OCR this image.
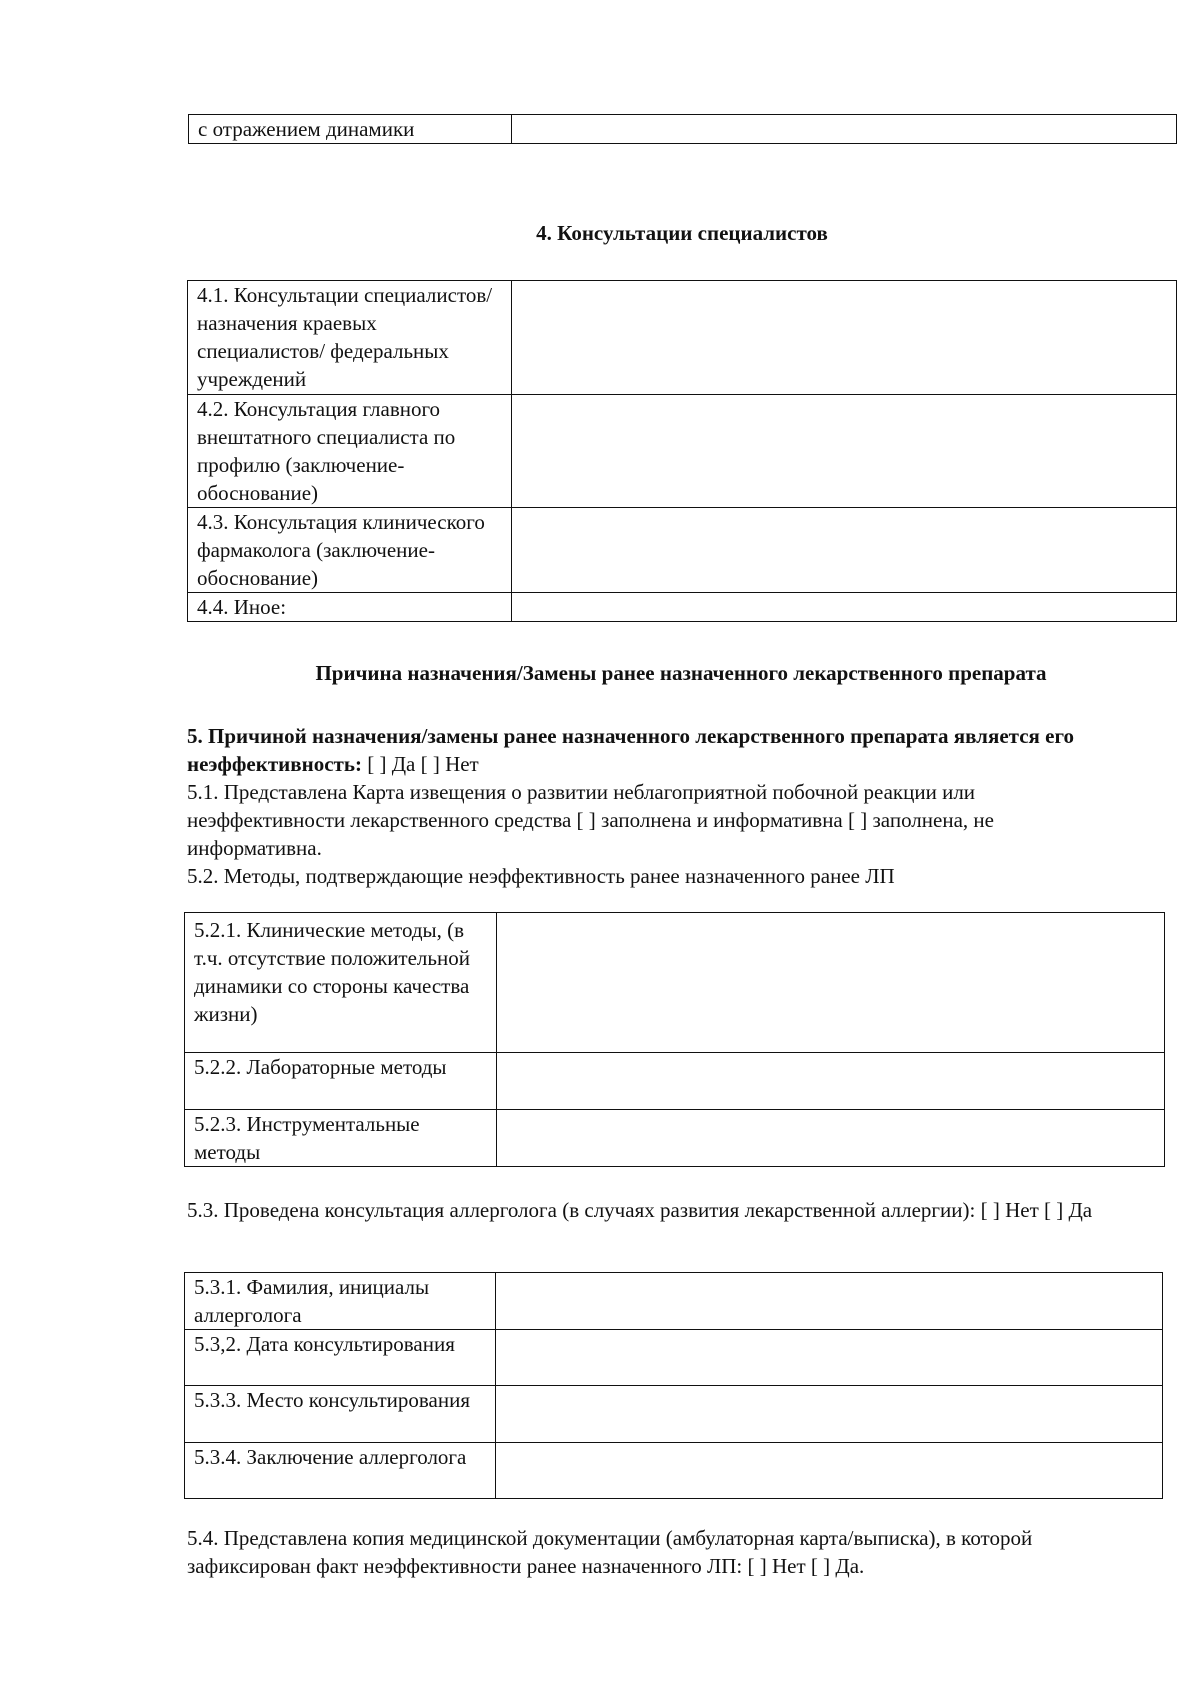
с отражением динамики	
4. Консультации специалистов
4.1. Консультации специалистов/назначения краевых специалистов/ федеральных учреждений	
4.2. Консультация главного внештатного специалиста по профилю (заключение-обоснование)	
4.3. Консультация клинического фармаколога (заключение-обоснование)	
4.4. Иное:	
Причина назначения/Замены ранее назначенного лекарственного препарата
5. Причиной назначения/замены ранее назначенного лекарственного препарата является его неэффективность: [ ] Да [ ] Нет
5.1. Представлена Карта извещения о развитии неблагоприятной побочной реакции или неэффективности лекарственного средства [ ] заполнена и информативна [ ] заполнена, не информативна.
5.2. Методы, подтверждающие неэффективность ранее назначенного ранее ЛП
5.2.1. Клинические методы, (в т.ч. отсутствие положительной динамики со стороны качества жизни)	
5.2.2. Лабораторные методы	
5.2.3. Инструментальные методы	
5.3. Проведена консультация аллерголога (в случаях развития лекарственной аллергии): [ ] Нет [ ] Да
5.3.1. Фамилия, инициалы аллерголога	
5.3,2. Дата консультирования	
5.3.3. Место консультирования	
5.3.4. Заключение аллерголога	
5.4. Представлена копия медицинской документации (амбулаторная карта/выписка), в которой зафиксирован факт неэффективности ранее назначенного ЛП: [ ] Нет [ ] Да.
